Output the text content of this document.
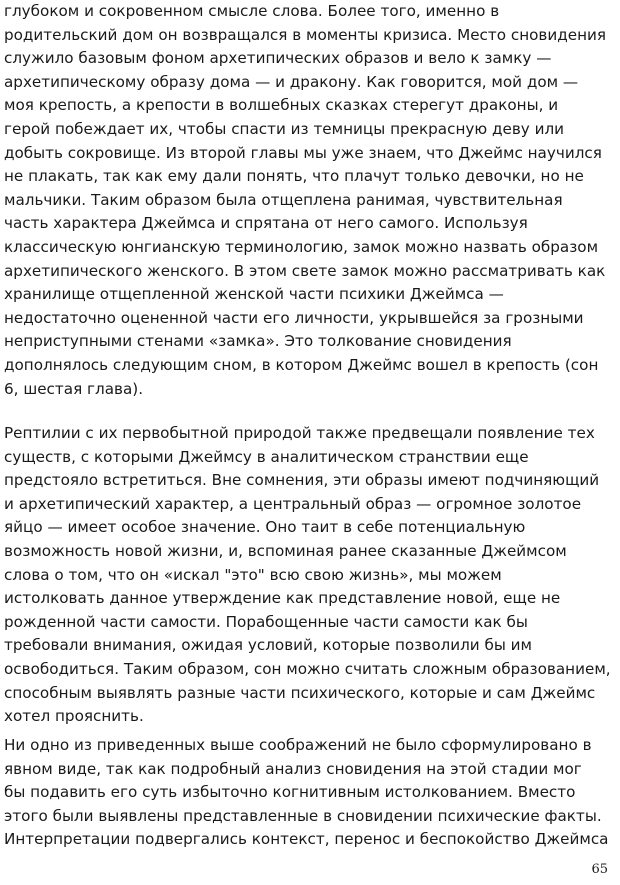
глубоком и сокровенном смысле слова. Более того, именно в
родительский дом он возвращался в моменты кризиса. Место сновидения
служило базовым фоном архетипических образов и вело к замку —
архетипическому образу дома — и дракону. Как говорится, мой дом —
моя крепость, а крепости в волшебных сказках стерегут драконы, и
герой побеждает их, чтобы спасти из темницы прекрасную деву или
добыть сокровище. Из второй главы мы уже знаем, что Джеймс научился
не плакать, так как ему дали понять, что плачут только девочки, но не
мальчики. Таким образом была отщеплена ранимая, чувствительная
часть характера Джеймса и спрятана от него самого. Используя
классическую юнгианскую терминологию, замок можно назвать образом
архетипического женского. В этом свете замок можно рассматривать как
хранилище отщепленной женской части психики Джеймса —
недостаточно оцененной части его личности, укрывшейся за грозными
неприступными стенами «замка». Это толкование сновидения
дополнялось следующим сном, в котором Джеймс вошел в крепость (сон
6, шестая глава).
Рептилии с их первобытной природой также предвещали появление тех
существ, с которыми Джеймсу в аналитическом странствии еще
предстояло встретиться. Вне сомнения, эти образы имеют подчиняющий
и архетипический характер, а центральный образ — огромное золотое
яйцо — имеет особое значение. Оно таит в себе потенциальную
возможность новой жизни, и, вспоминая ранее сказанные Джеймсом
слова о том, что он «искал "это" всю свою жизнь», мы можем
истолковать данное утверждение как представление новой, еще не
рожденной части самости. Порабощенные части самости как бы
требовали внимания, ожидая условий, которые позволили бы им
освободиться. Таким образом, сон можно считать сложным образованием,
способным выявлять разные части психического, которые и сам Джеймс
хотел прояснить.
Ни одно из приведенных выше соображений не было сформулировано в
явном виде, так как подробный анализ сновидения на этой стадии мог
бы подавить его суть избыточно когнитивным истолкованием. Вместо
этого были выявлены представленные в сновидении психические факты.
Интерпретации подвергались контекст, перенос и беспокойство Джеймса
65
